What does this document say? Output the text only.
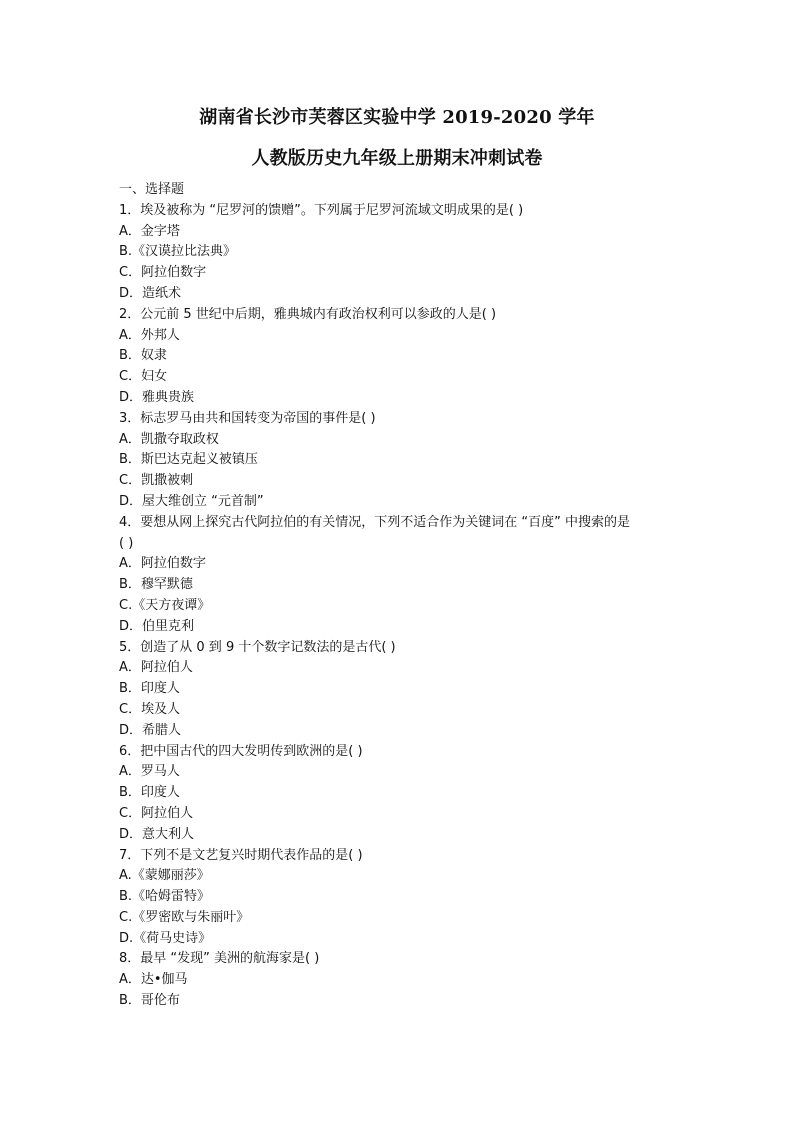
湖南省长沙市芙蓉区实验中学 2019-2020 学年
人教版历史九年级上册期末冲刺试卷
一、选择题
1．埃及被称为 “尼罗河的馈赠”。下列属于尼罗河流域文明成果的是( )
A．金字塔
B.《汉谟拉比法典》
C．阿拉伯数字
D．造纸术
2．公元前 5 世纪中后期，雅典城内有政治权利可以参政的人是( )
A．外邦人
B．奴隶
C．妇女
D．雅典贵族
3．标志罗马由共和国转变为帝国的事件是( )
A．凯撒夺取政权
B．斯巴达克起义被镇压
C．凯撒被刺
D．屋大维创立 “元首制”
4．要想从网上探究古代阿拉伯的有关情况，下列不适合作为关键词在 “百度” 中搜索的是
( )
A．阿拉伯数字
B．穆罕默德
C.《天方夜谭》
D．伯里克利
5．创造了从 0 到 9 十个数字记数法的是古代( )
A．阿拉伯人
B．印度人
C．埃及人
D．希腊人
6．把中国古代的四大发明传到欧洲的是( )
A．罗马人
B．印度人
C．阿拉伯人
D．意大利人
7．下列不是文艺复兴时期代表作品的是( )
A.《蒙娜丽莎》
B.《哈姆雷特》
C.《罗密欧与朱丽叶》
D.《荷马史诗》
8．最早 “发现” 美洲的航海家是( )
A．达•伽马
B．哥伦布
